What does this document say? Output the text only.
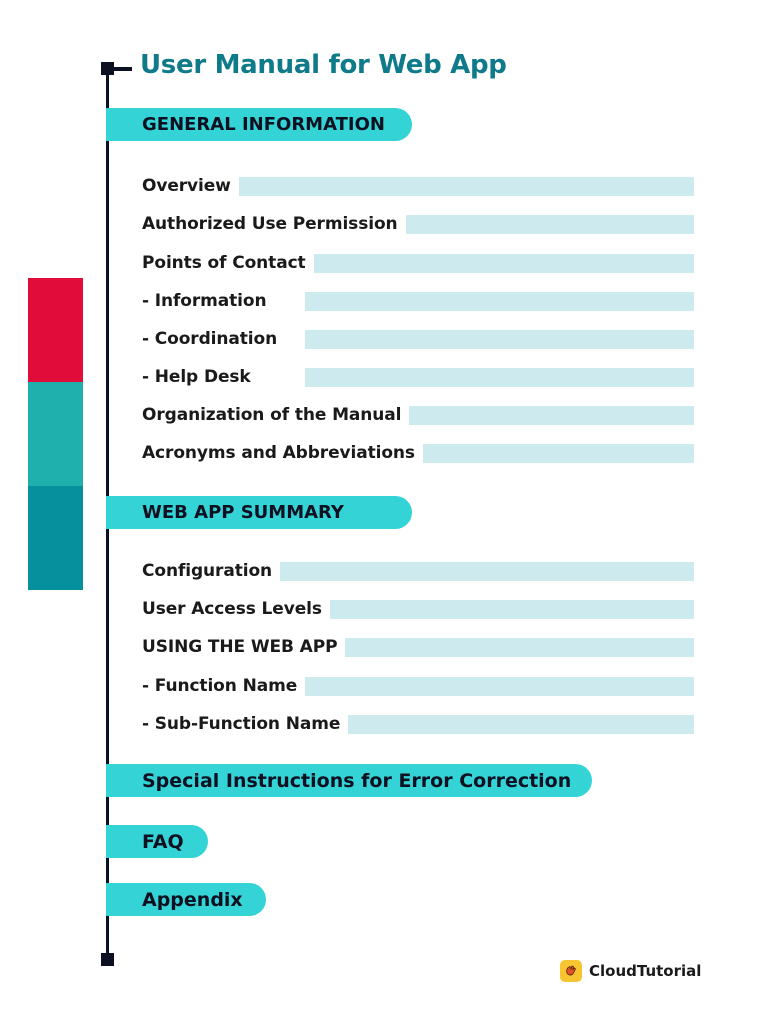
User Manual for Web App
GENERAL INFORMATION
Overview
Authorized Use Permission
Points of Contact
- Information
- Coordination
- Help Desk
Organization of the Manual
Acronyms and Abbreviations
WEB APP SUMMARY
Configuration
User Access Levels
USING THE WEB APP
- Function Name
- Sub-Function Name
Special Instructions for Error Correction
FAQ
Appendix
CloudTutorial
